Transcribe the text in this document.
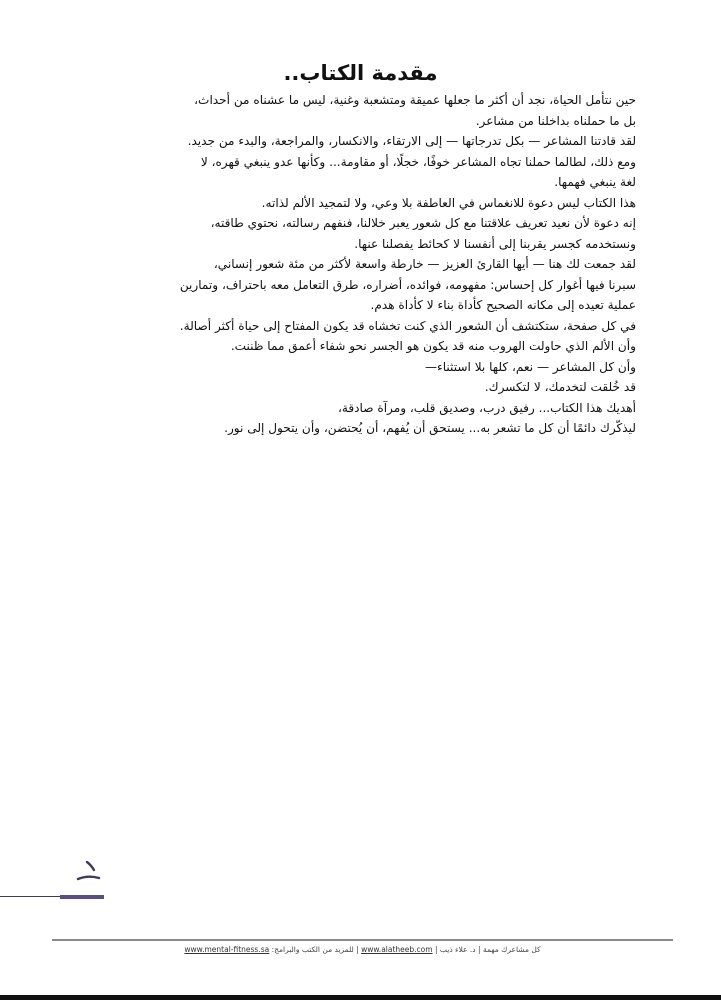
مقدمة الكتاب..
حين نتأمل الحياة، نجد أن أكثر ما جعلها عميقة ومتشعبة وغنية، ليس ما عشناه من أحداث،
بل ما حملناه بداخلنا من مشاعر.
لقد قادتنا المشاعر — بكل تدرجاتها — إلى الارتقاء، والانكسار، والمراجعة، والبدء من جديد.
ومع ذلك، لطالما حملنا تجاه المشاعر خوفًا، خجلًا، أو مقاومة... وكأنها عدو ينبغي قهره، لا
لغة ينبغي فهمها.
هذا الكتاب ليس دعوة للانغماس في العاطفة بلا وعي، ولا لتمجيد الألم لذاته.
إنه دعوة لأن نعيد تعريف علاقتنا مع كل شعور يعبر خلالنا، فنفهم رسالته، نحتوي طاقته،
ونستخدمه كجسر يقربنا إلى أنفسنا لا كحائط يفصلنا عنها.
لقد جمعت لك هنا — أيها القارئ العزيز — خارطة واسعة لأكثر من مئة شعور إنساني،
سبرنا فيها أغوار كل إحساس: مفهومه، فوائده، أضراره، طرق التعامل معه باحتراف، وتمارين
عملية تعيده إلى مكانه الصحيح كأداة بناء لا كأداة هدم.
في كل صفحة، ستكتشف أن الشعور الذي كنت تخشاه قد يكون المفتاح إلى حياة أكثر أصالة.
وأن الألم الذي حاولت الهروب منه قد يكون هو الجسر نحو شفاء أعمق مما ظننت.
وأن كل المشاعر — نعم، كلها بلا استثناء—
قد خُلقت لتخدمك، لا لتكسرك.
أهديك هذا الكتاب... رفيق درب، وصديق قلب، ومرآة صادقة،
ليذكّرك دائمًا أن كل ما تشعر به... يستحق أن يُفهم، أن يُحتضن، وأن يتحول إلى نور.
كل مشاعرك مهمة | د. علاء ذيب | www.alatheeb.com | للمزيد من الكتب والبرامج: www.mental-fitness.sa
